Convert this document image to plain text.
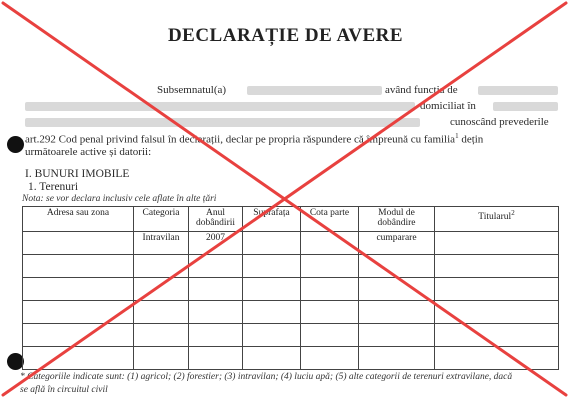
DECLARAȚIE DE AVERE
Subsemnatul(a)	având funcția de
domiciliat în
cunoscând prevederile
art.292 Cod penal privind falsul în declarații, declar pe propria răspundere că împreună cu familia$^1$ dețin
următoarele active și datorii:
I. BUNURI IMOBILE
1. Terenuri
Nota: se vor declara inclusiv cele aflate în alte țări
Adresa sau zona	Categoria	Anul dobândirii	Suprafața	Cota parte	Modul de dobândire	Titularul$^2$
	Intravilan	2007			cumparare	

* Categoriile indicate sunt: (1) agricol; (2) forestier; (3) intravilan; (4) luciu apă; (5) alte categorii de terenuri extravilane, dacă
se află în circuitul civil
